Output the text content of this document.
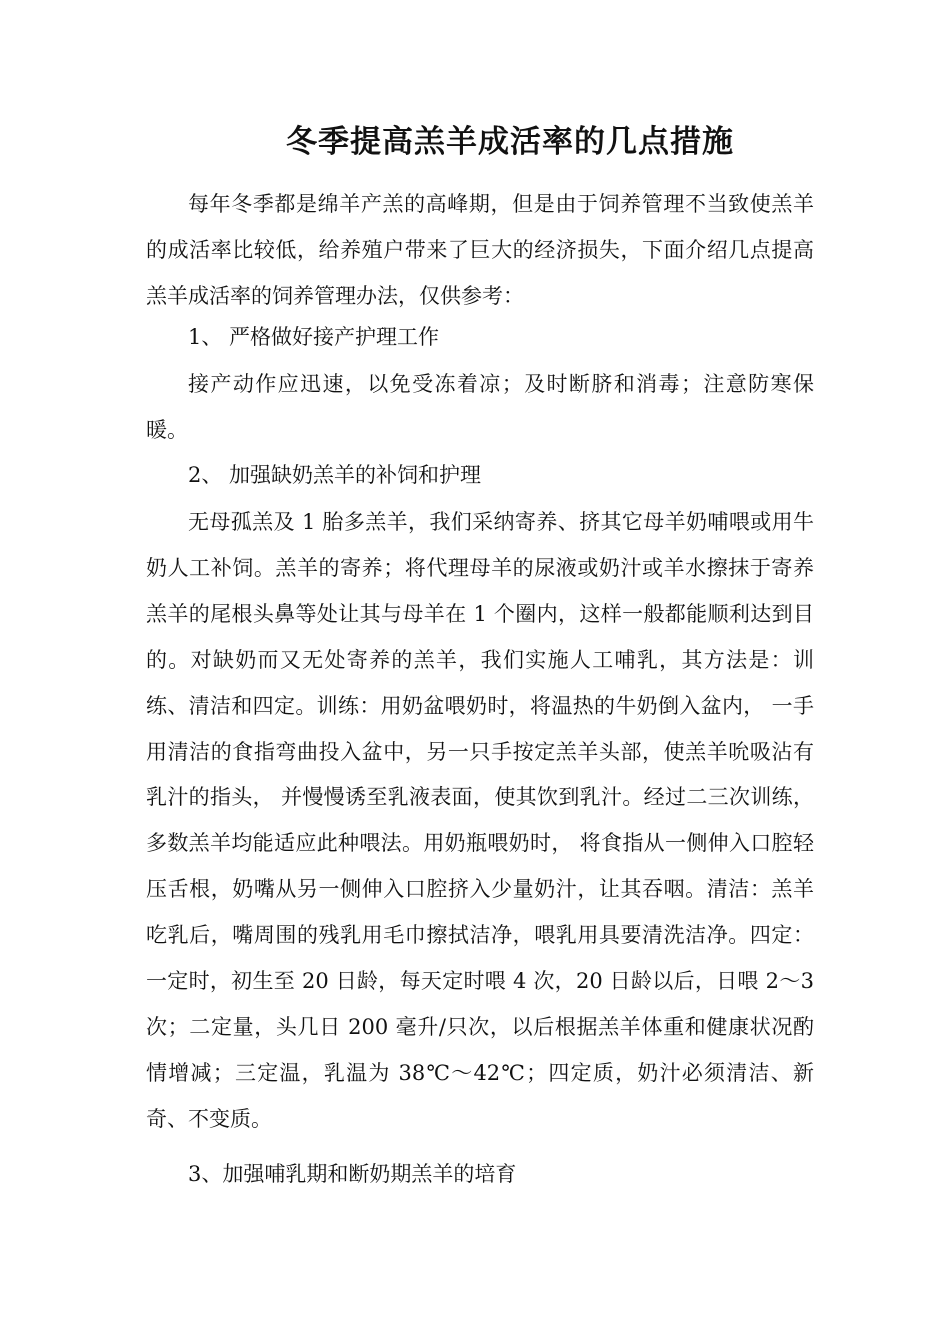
冬季提高羔羊成活率的几点措施

每年冬季都是绵羊产羔的高峰期，但是由于饲养管理不当致使羔羊的成活率比较低，给养殖户带来了巨大的经济损失，下面介绍几点提高羔羊成活率的饲养管理办法，仅供参考：

1、 严格做好接产护理工作

接产动作应迅速，以免受冻着凉；及时断脐和消毒；注意防寒保暖。

2、 加强缺奶羔羊的补饲和护理

无母孤羔及 1 胎多羔羊，我们采纳寄养、挤其它母羊奶哺喂或用牛奶人工补饲。羔羊的寄养；将代理母羊的尿液或奶汁或羊水擦抹于寄养羔羊的尾根头鼻等处让其与母羊在 1 个圈内，这样一般都能顺利达到目的。对缺奶而又无处寄养的羔羊，我们实施人工哺乳，其方法是：训练、清洁和四定。训练：用奶盆喂奶时，将温热的牛奶倒入盆内， 一手用清洁的食指弯曲投入盆中，另一只手按定羔羊头部，使羔羊吮吸沾有乳汁的指头， 并慢慢诱至乳液表面，使其饮到乳汁。经过二三次训练，多数羔羊均能适应此种喂法。用奶瓶喂奶时， 将食指从一侧伸入口腔轻压舌根，奶嘴从另一侧伸入口腔挤入少量奶汁，让其吞咽。清洁：羔羊吃乳后，嘴周围的残乳用毛巾擦拭洁净，喂乳用具要清洗洁净。四定：一定时，初生至 20 日龄，每天定时喂 4 次，20 日龄以后，日喂 2～3 次；二定量，头几日 200 毫升/只次，以后根据羔羊体重和健康状况酌情增减；三定温，乳温为 38℃～42℃；四定质，奶汁必须清洁、新奇、不变质。

3、加强哺乳期和断奶期羔羊的培育
